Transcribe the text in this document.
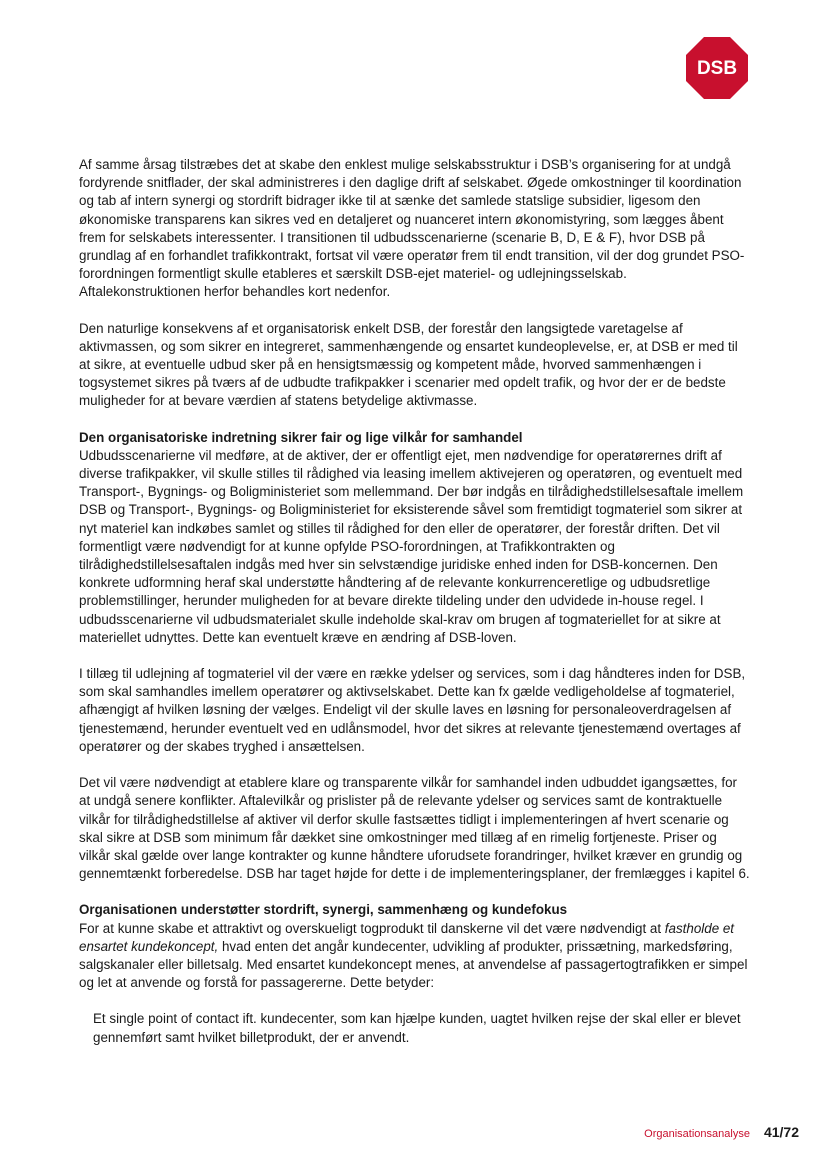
DSB

Af samme årsag tilstræbes det at skabe den enklest mulige selskabsstruktur i DSB’s organisering for at undgå fordyrende snitflader, der skal administreres i den daglige drift af selskabet. Øgede omkostninger til koordination og tab af intern synergi og stordrift bidrager ikke til at sænke det samlede statslige subsidier, ligesom den økonomiske transparens kan sikres ved en detaljeret og nuanceret intern økonomistyring, som lægges åbent frem for selskabets interessenter. I transitionen til udbudsscenarierne (scenarie B, D, E & F), hvor DSB på grundlag af en forhandlet trafikkontrakt, fortsat vil være operatør frem til endt transition, vil der dog grundet PSO-forordningen formentligt skulle etableres et særskilt DSB-ejet materiel- og udlejningsselskab. Aftalekonstruktionen herfor behandles kort nedenfor.

Den naturlige konsekvens af et organisatorisk enkelt DSB, der forestår den langsigtede varetagelse af aktivmassen, og som sikrer en integreret, sammenhængende og ensartet kundeoplevelse, er, at DSB er med til at sikre, at eventuelle udbud sker på en hensigtsmæssig og kompetent måde, hvorved sammenhængen i togsystemet sikres på tværs af de udbudte trafikpakker i scenarier med opdelt trafik, og hvor der er de bedste muligheder for at bevare værdien af statens betydelige aktivmasse.

Den organisatoriske indretning sikrer fair og lige vilkår for samhandel

Udbudsscenarierne vil medføre, at de aktiver, der er offentligt ejet, men nødvendige for operatørernes drift af diverse trafikpakker, vil skulle stilles til rådighed via leasing imellem aktivejeren og operatøren, og eventuelt med Transport-, Bygnings- og Boligministeriet som mellemmand. Der bør indgås en tilrådighedstillelsesaftale imellem DSB og Transport-, Bygnings- og Boligministeriet for eksisterende såvel som fremtidigt togmateriel som sikrer at nyt materiel kan indkøbes samlet og stilles til rådighed for den eller de operatører, der forestår driften. Det vil formentligt være nødvendigt for at kunne opfylde PSO-forordningen, at Trafikkontrakten og tilrådighedstillelsesaftalen indgås med hver sin selvstændige juridiske enhed inden for DSB-koncernen. Den konkrete udformning heraf skal understøtte håndtering af de relevante konkurrenceretlige og udbudsretlige problemstillinger, herunder muligheden for at bevare direkte tildeling under den udvidede in-house regel. I udbudsscenarierne vil udbudsmaterialet skulle indeholde skal-krav om brugen af togmateriellet for at sikre at materiellet udnyttes. Dette kan eventuelt kræve en ændring af DSB-loven.

I tillæg til udlejning af togmateriel vil der være en række ydelser og services, som i dag håndteres inden for DSB, som skal samhandles imellem operatører og aktivselskabet. Dette kan fx gælde vedligeholdelse af togmateriel, afhængigt af hvilken løsning der vælges. Endeligt vil der skulle laves en løsning for personaleoverdragelsen af tjenestemænd, herunder eventuelt ved en udlånsmodel, hvor det sikres at relevante tjenestemænd overtages af operatører og der skabes tryghed i ansættelsen.

Det vil være nødvendigt at etablere klare og transparente vilkår for samhandel inden udbuddet igangsættes, for at undgå senere konflikter. Aftalevilkår og prislister på de relevante ydelser og services samt de kontraktuelle vilkår for tilrådighedstillelse af aktiver vil derfor skulle fastsættes tidligt i implementeringen af hvert scenarie og skal sikre at DSB som minimum får dækket sine omkostninger med tillæg af en rimelig fortjeneste. Priser og vilkår skal gælde over lange kontrakter og kunne håndtere uforudsete forandringer, hvilket kræver en grundig og gennemtænkt forberedelse. DSB har taget højde for dette i de implementeringsplaner, der fremlægges i kapitel 6.

Organisationen understøtter stordrift, synergi, sammenhæng og kundefokus

For at kunne skabe et attraktivt og overskueligt togprodukt til danskerne vil det være nødvendigt at fastholde et ensartet kundekoncept, hvad enten det angår kundecenter, udvikling af produkter, prissætning, markedsføring, salgskanaler eller billetsalg. Med ensartet kundekoncept menes, at anvendelse af passagertogtrafikken er simpel og let at anvende og forstå for passagererne. Dette betyder:

Et single point of contact ift. kundecenter, som kan hjælpe kunden, uagtet hvilken rejse der skal eller er blevet gennemført samt hvilket billetprodukt, der er anvendt.

Organisationsanalyse 41/72
